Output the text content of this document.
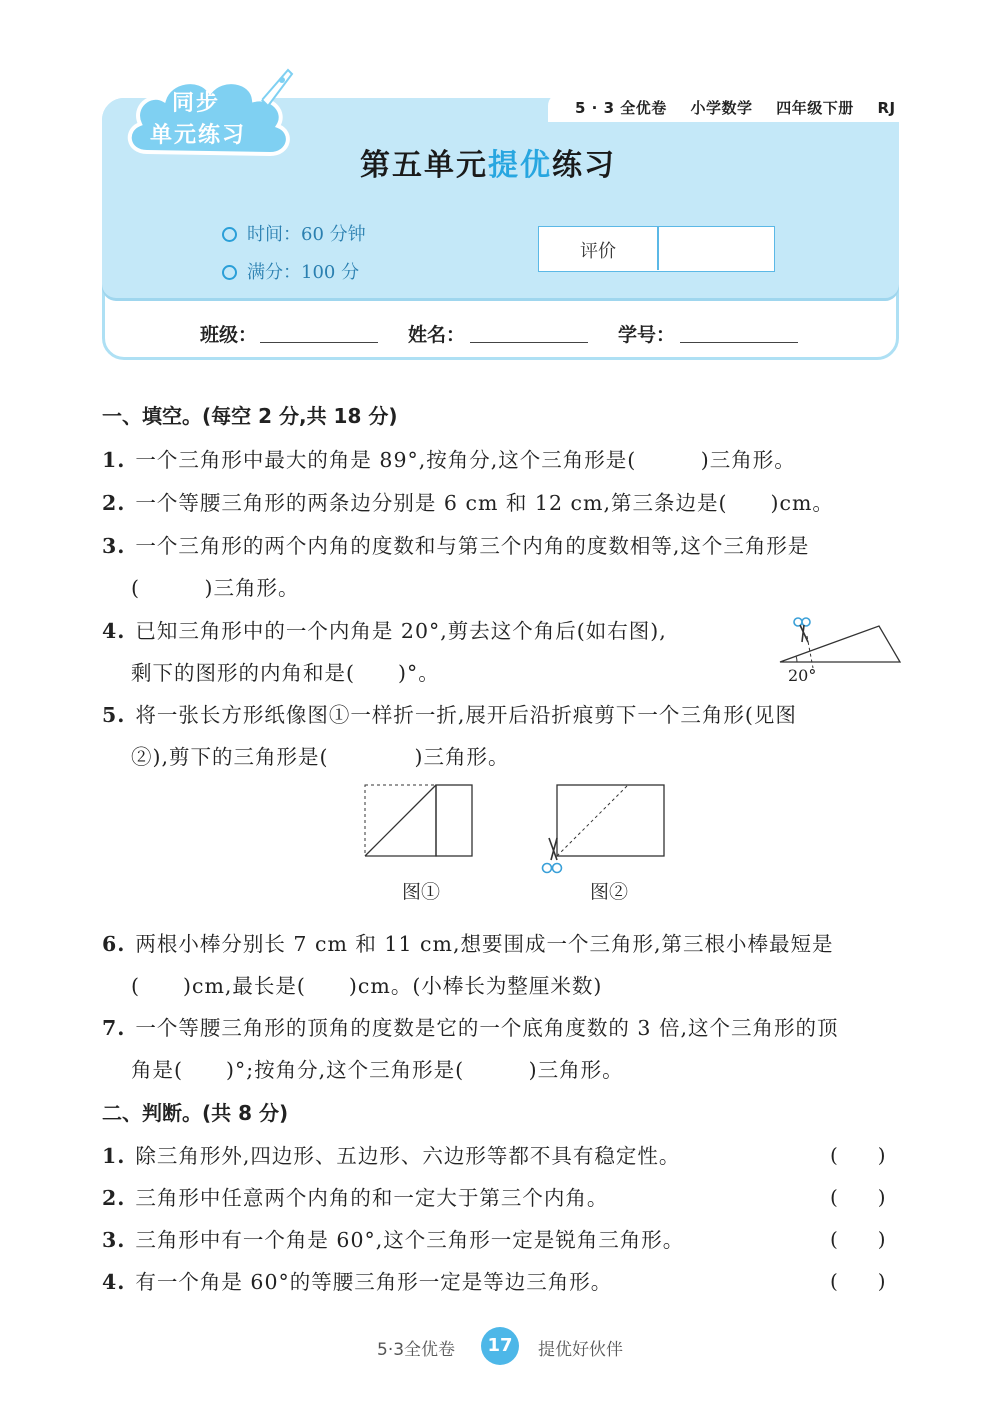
5 · 3 全优卷 小学数学 四年级下册 RJ
同步
单元练习
第五单元提优练习
时间：60 分钟
满分：100 分
评价
班级：	姓名：	学号：
一、填空。(每空 2 分,共 18 分)
1. 一个三角形中最大的角是 89°,按角分,这个三角形是(　　　)三角形。
2. 一个等腰三角形的两条边分别是 6 cm 和 12 cm,第三条边是(　　)cm。
3. 一个三角形的两个内角的度数和与第三个内角的度数相等,这个三角形是
(　　　)三角形。
4. 已知三角形中的一个内角是 20°,剪去这个角后(如右图),
剩下的图形的内角和是(　　)°。	20°
5. 将一张长方形纸像图①一样折一折,展开后沿折痕剪下一个三角形(见图
②),剪下的三角形是(　　　　)三角形。
图①	图②
6. 两根小棒分别长 7 cm 和 11 cm,想要围成一个三角形,第三根小棒最短是
(　　)cm,最长是(　　)cm。(小棒长为整厘米数)
7. 一个等腰三角形的顶角的度数是它的一个底角度数的 3 倍,这个三角形的顶
角是(　　)°;按角分,这个三角形是(　　　)三角形。
二、判断。(共 8 分)
1. 除三角形外,四边形、五边形、六边形等都不具有稳定性。	(　　)
2. 三角形中任意两个内角的和一定大于第三个内角。	(　　)
3. 三角形中有一个角是 60°,这个三角形一定是锐角三角形。	(　　)
4. 有一个角是 60°的等腰三角形一定是等边三角形。	(　　)
5·3全优卷	17	提优好伙伴
